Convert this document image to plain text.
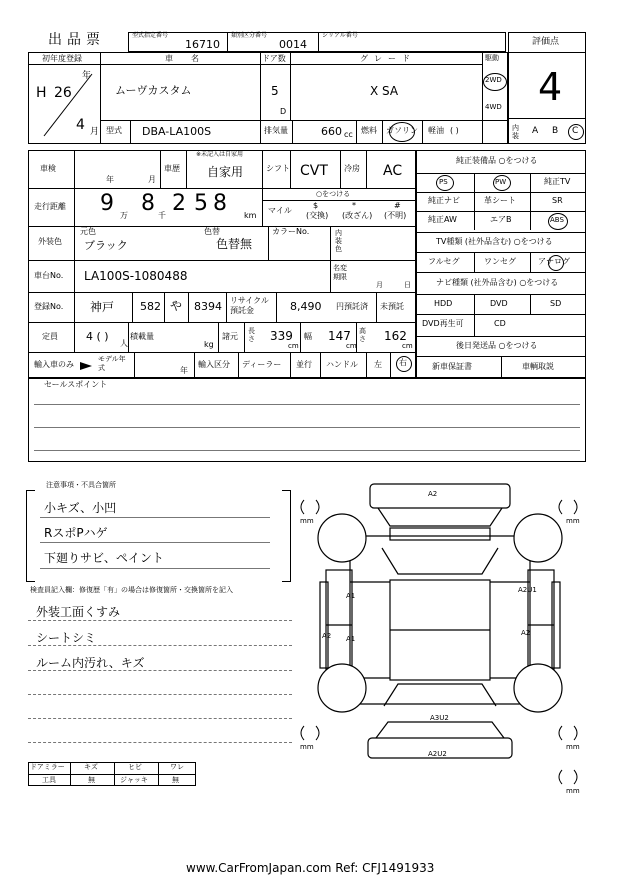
出品票	型式指定番号
16710
類別区分番号
0014
シリアル番号
評価点
4
初年度登録
年
H 26
4 月
車名
ムーヴカスタム
ドア数
5
D
グレード
X SA
駆動
2WD
4WD
型式 DBA-LA100S	排気量	660 cc 燃料 ガソリン 軽油 ( )	内装 A B C
車検
年	月
車歴
※未記入は自家用
自家用	シフト CVT 冷房 AC
走行距離 9 万 8 千 2 5 8 km
○をつける
マイル
$
(交換)
*
(改ざん)
#
(不明)
元色
外装色 ブラック
色替
色替無
カラーNo.	内装色
車台No. LA100S-1080488
名変期限
月	日
登録No. 神戸 582 や 8394 リサイクル預託金	8,490 円預託済 未預託
定員	4 ( )
人
積載量
kg
諸元
長さ 339
cm
幅 147
cm
高さ 162
cm
輸入車のみ
モデル年式	年
輸入区分 ディーラー 並行 ハンドル 左 右
純正装備品 ○をつける
PS	PW	純正TV
純正ナビ	革シート	SR
純正AW	エアB	ABS
TV種類 (社外品含む) ○をつける
フルセグ	ワンセグ	アナログ
ナビ種類 (社外品含む) ○をつける
HDD	DVD	SD
DVD再生可	CD
後日発送品 ○をつける
新車保証書	車輌取説
セールスポイント
注意事項・不具合箇所
小キズ、小凹
RスポPハゲ
下廻りサビ、ペイント
検査員記入欄：修復歴「有」の場合は修復箇所・交換箇所を記入
外装工面くすみ
シートシミ
ルーム内汚れ、キズ
ドアミラー	キズ	ヒビ	ワレ
工具	無	ジャッキ	無
A2
A1
A2U1
A2 A1
A2
A3U2
A2U2
mm	mm
mm	mm
mm
www.CarFromJapan.com Ref: CFJ1491933
